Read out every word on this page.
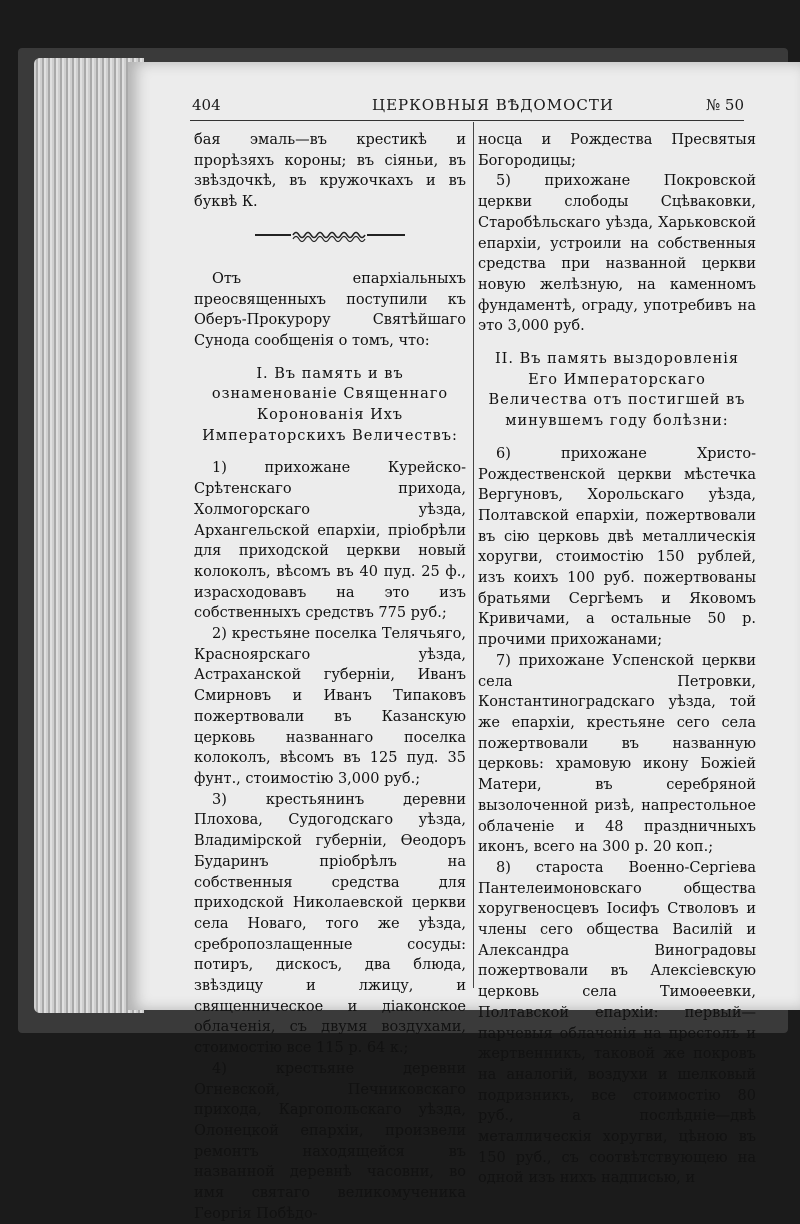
404	ЦЕРКОВНЫЯ ВѢДОМОСТИ	№ 50

бая эмаль—въ крестикѣ и прорѣзяхъ короны; въ сіяньи, въ звѣздочкѣ, въ кружочкахъ и въ буквѣ К.

Отъ епархіальныхъ преосвященныхъ поступили къ Оберъ-Прокурору Святѣйшаго Сунода сообщенія о томъ, что:

I. Въ память и въ ознаменованіе Священнаго Коронованія Ихъ Императорскихъ Величествъ:

1) прихожане Курейско-Срѣтенскаго прихода, Холмогорскаго уѣзда, Архангельской епархіи, пріобрѣли для приходской церкви новый колоколъ, вѣсомъ въ 40 пуд. 25 ф., израсходовавъ на это изъ собственныхъ средствъ 775 руб.;

2) крестьяне поселка Телячьяго, Красноярскаго уѣзда, Астраханской губерніи, Иванъ Смирновъ и Иванъ Типаковъ пожертвовали въ Казанскую церковь названнаго поселка колоколъ, вѣсомъ въ 125 пуд. 35 фунт., стоимостію 3,000 руб.;

3) крестьянинъ деревни Плохова, Судогодскаго уѣзда, Владимірской губерніи, Ѳеодоръ Бударинъ пріобрѣлъ на собственныя средства для приходской Николаевской церкви села Новаго, того же уѣзда, сребропозлащенные сосуды: потиръ, дискосъ, два блюда, звѣздицу и лжицу, и священническое и діаконское облаченія, съ двумя воздухами, стоимостію все 115 р. 64 к.;

4) крестьяне деревни Огневской, Печниковскаго прихода, Каргопольскаго уѣзда, Олонецкой епархіи, произвели ремонтъ находящейся въ названной деревнѣ часовни, во имя святаго великомученика Георгія Побѣдо-

носца и Рождества Пресвятыя Богородицы;

5) прихожане Покровской церкви слободы Сцѣваковки, Старобѣльскаго уѣзда, Харьковской епархіи, устроили на собственныя средства при названной церкви новую желѣзную, на каменномъ фундаментѣ, ограду, употребивъ на это 3,000 руб.

II. Въ память выздоровленія Его Императорскаго Величества отъ постигшей въ минувшемъ году болѣзни:

6) прихожане Христо-Рождественской церкви мѣстечка Вергуновъ, Хорольскаго уѣзда, Полтавской епархіи, пожертвовали въ сію церковь двѣ металлическія хоругви, стоимостію 150 рублей, изъ коихъ 100 руб. пожертвованы братьями Сергѣемъ и Яковомъ Кривичами, а остальные 50 р. прочими прихожанами;

7) прихожане Успенской церкви села Петровки, Константиноградскаго уѣзда, той же епархіи, крестьяне сего села пожертвовали въ названную церковь: храмовую икону Божіей Матери, въ серебряной вызолоченной ризѣ, напрестольное облаченіе и 48 праздничныхъ иконъ, всего на 300 р. 20 коп.;

8) староста Военно-Сергіева Пантелеимоновскаго общества хоругвеносцевъ Іосифъ Стволовъ и члены сего общества Василій и Александра Виноградовы пожертвовали въ Алексіевскую церковь села Тимоѳеевки, Полтавской епархіи: первый—парчевыя облаченія на престолъ и жертвенникъ, таковой же покровъ на аналогій, воздухи и шелковый подризникъ, все стоимостію 80 руб., а послѣдніе—двѣ металлическія хоругви, цѣною въ 150 руб., съ соотвѣтствующею на одной изъ нихъ надписью, и
